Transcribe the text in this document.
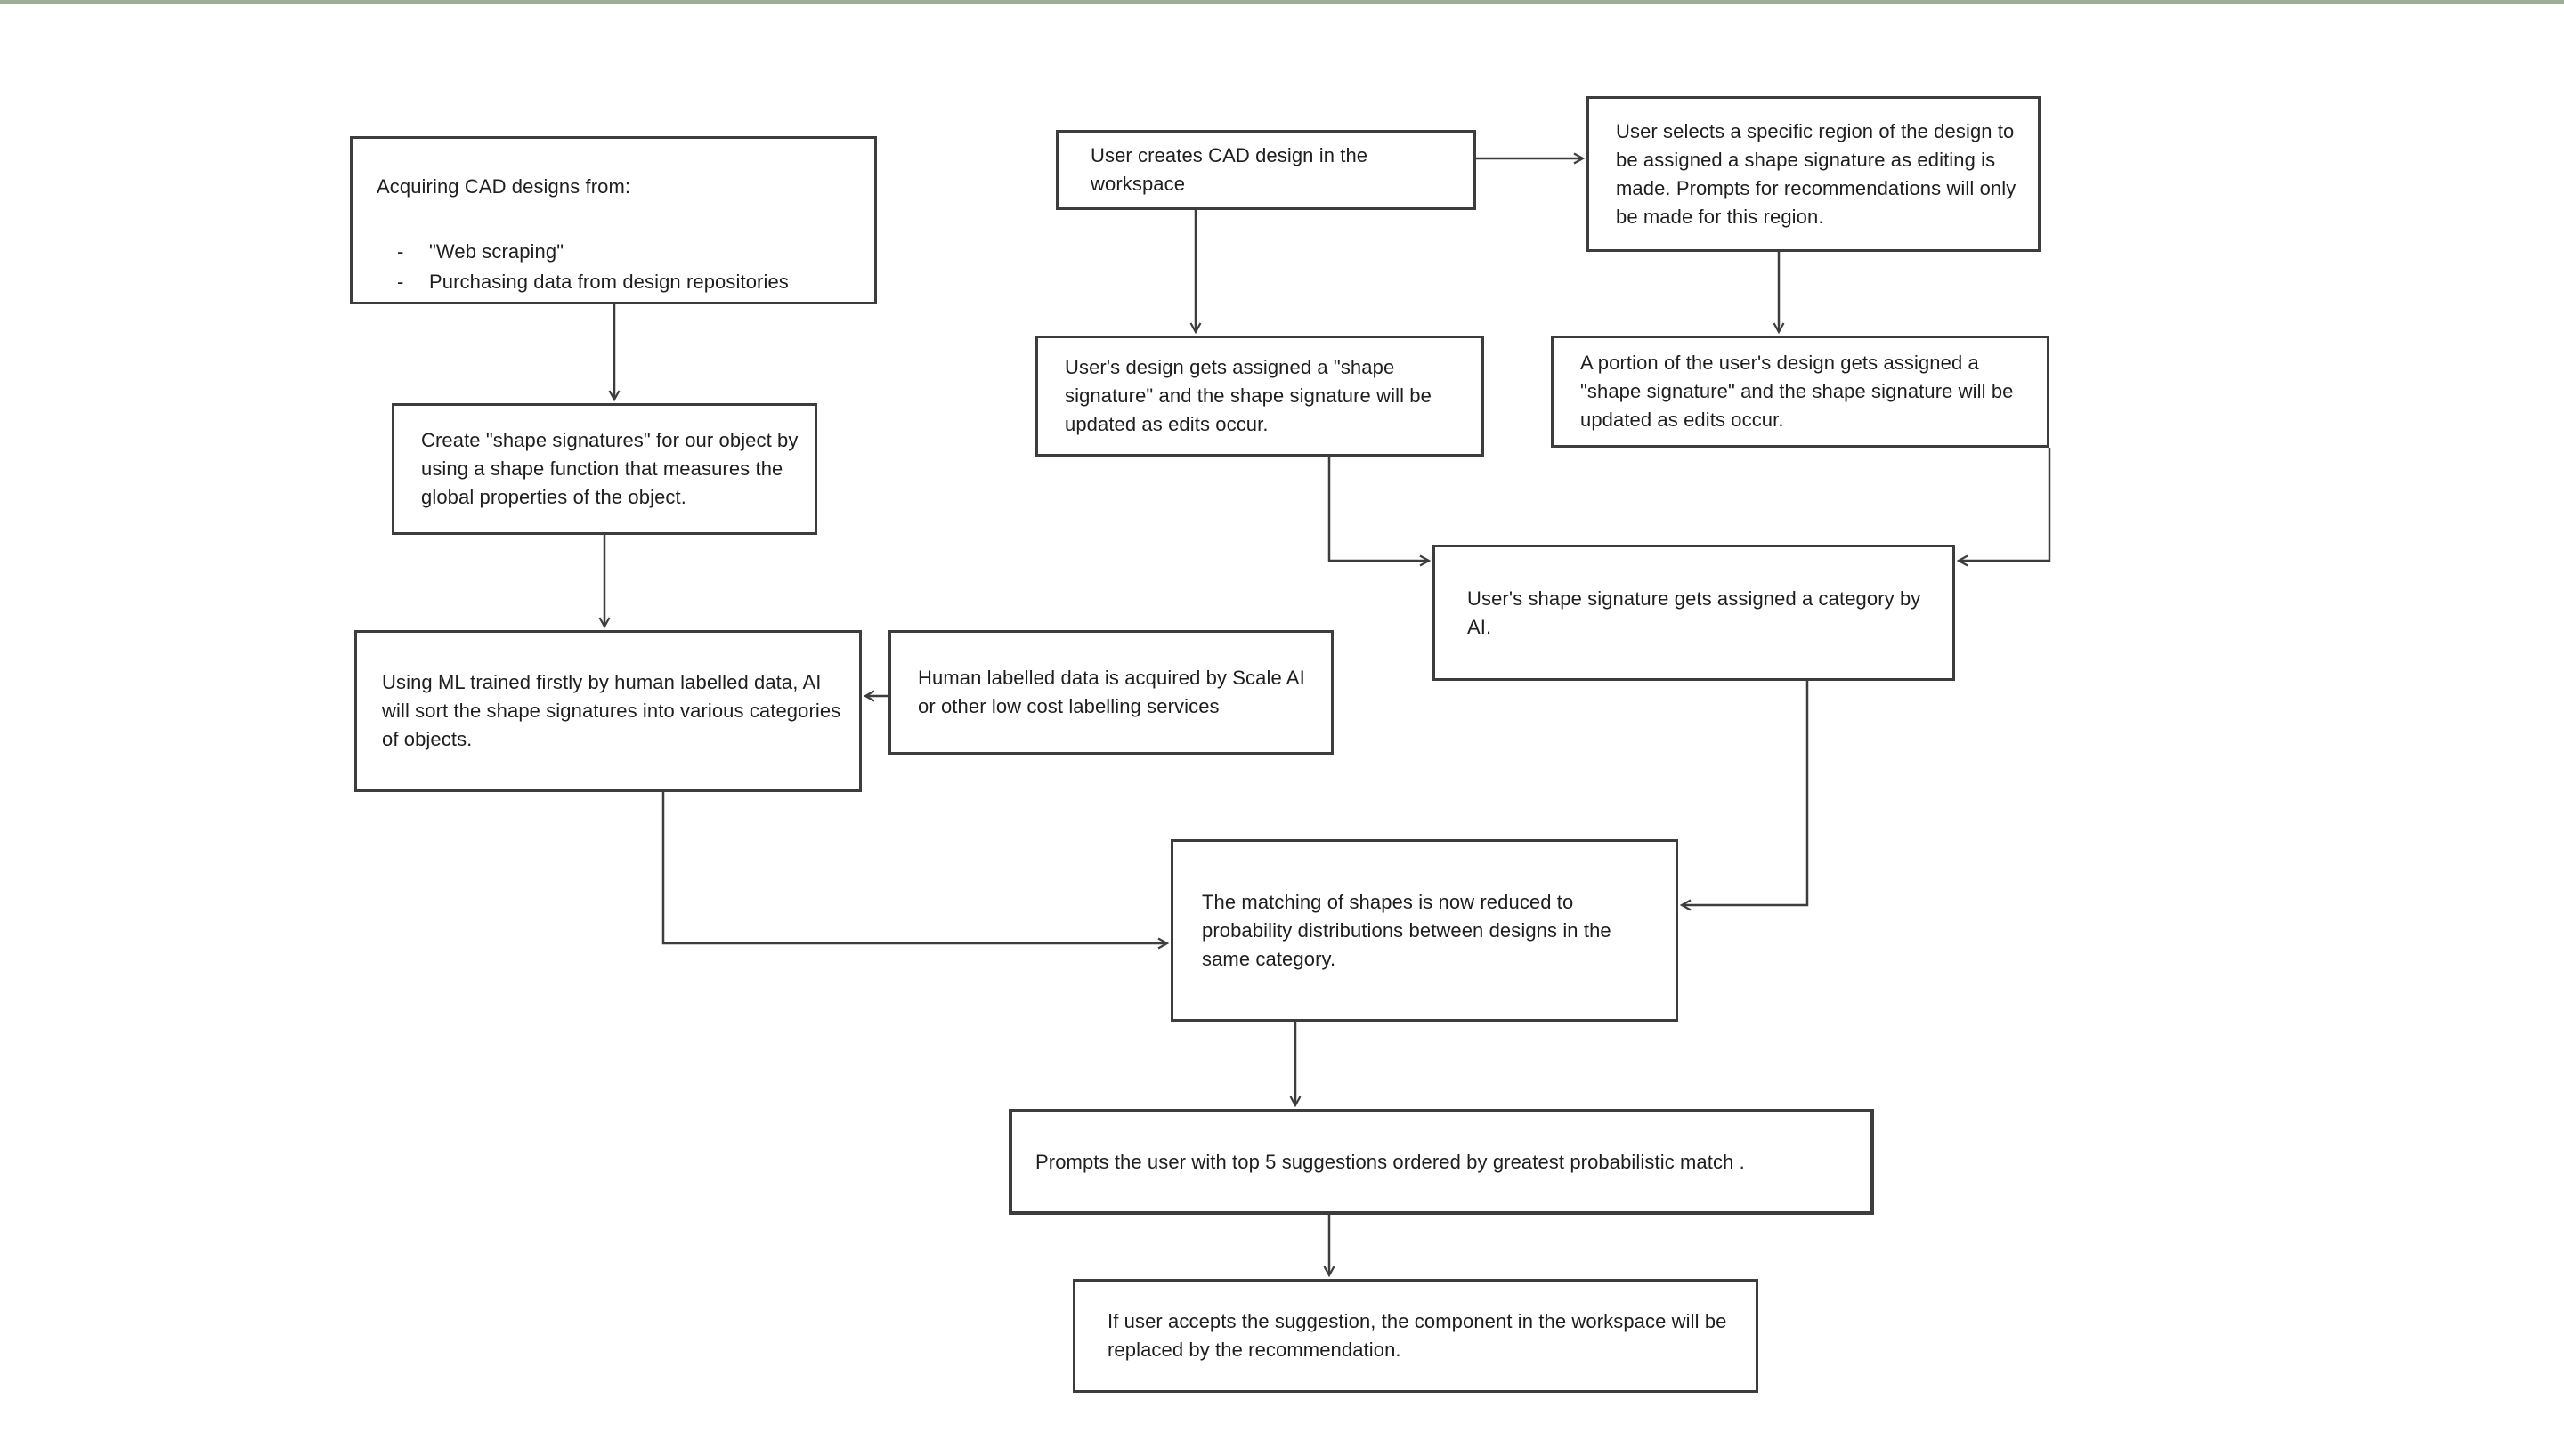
Acquiring CAD designs from:
-
"Web scraping"
-
Purchasing data from design repositories
User creates CAD design in the workspace
User selects a specific region of the design to be assigned a shape signature as editing is made. Prompts for recommendations will only be made for this region.
User's design gets assigned a "shape signature" and the shape signature will be updated as edits occur.
A portion of the user's design gets assigned a "shape signature" and the shape signature will be updated as edits occur.
Create "shape signatures" for our object by using a shape function that measures the global properties of the object.
User's shape signature gets assigned a category by AI.
Using ML trained firstly by human labelled data, AI will sort the shape signatures into various categories of objects.
Human labelled data is acquired by Scale AI or other low cost labelling services
The matching of shapes is now reduced to probability distributions between designs in the same category.
Prompts the user with top 5 suggestions ordered by greatest probabilistic match .
If user accepts the suggestion, the component in the workspace will be replaced by the recommendation.
